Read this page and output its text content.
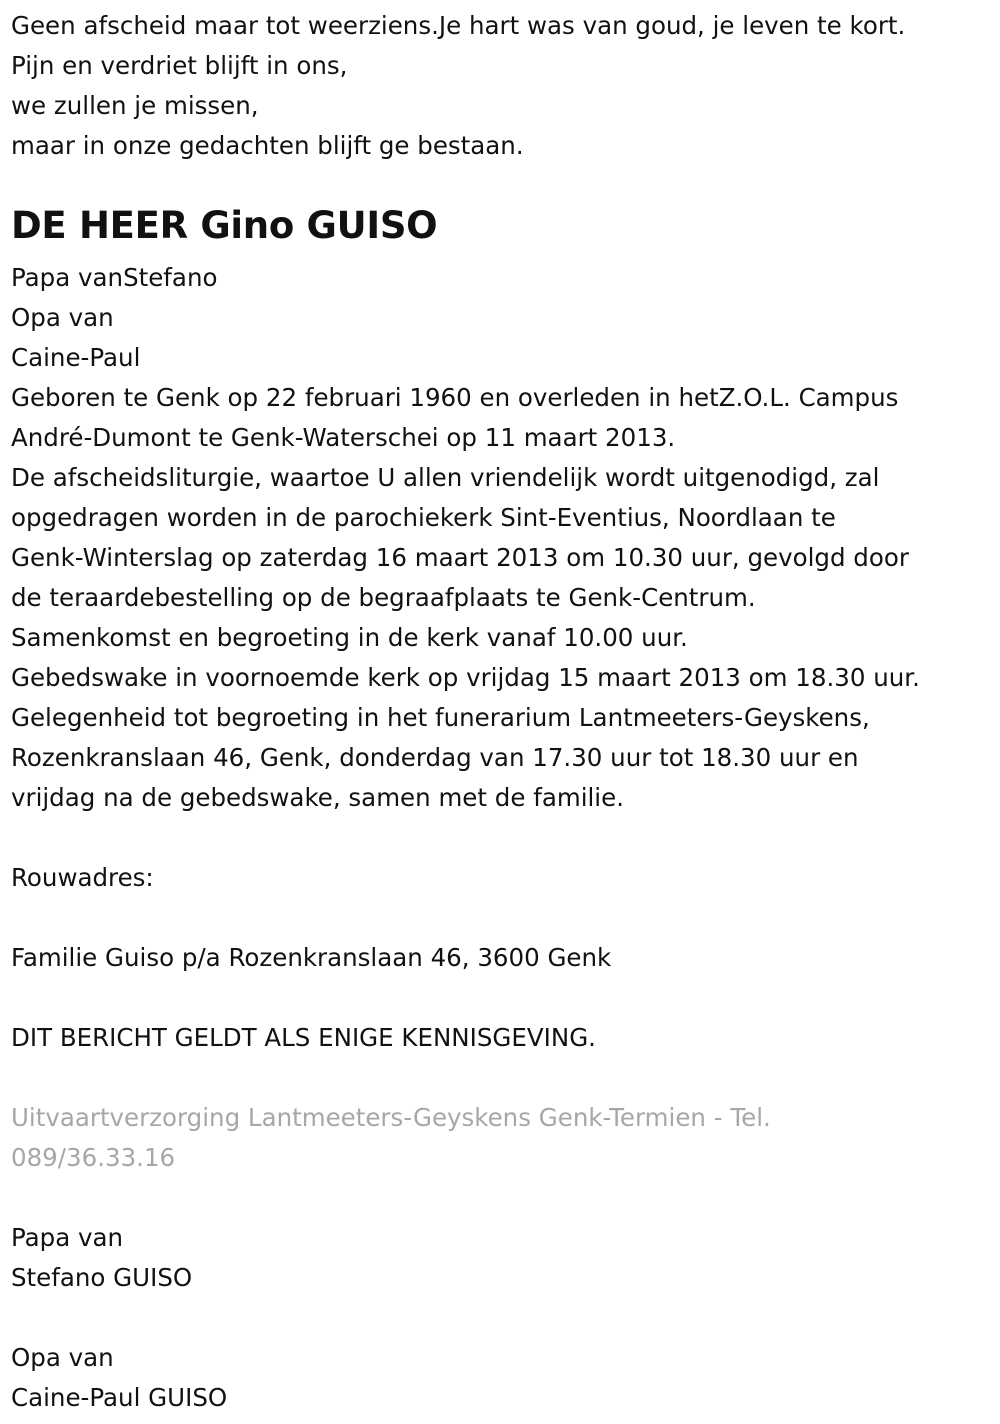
Geen afscheid maar tot weerziens.Je hart was van goud, je leven te kort.
Pijn en verdriet blijft in ons,
we zullen je missen,
maar in onze gedachten blijft ge bestaan.
DE HEER Gino GUISO
Papa vanStefano
Opa van
Caine-Paul
Geboren te Genk op 22 februari 1960 en overleden in hetZ.O.L. Campus
André-Dumont te Genk-Waterschei op 11 maart 2013.
De afscheidsliturgie, waartoe U allen vriendelijk wordt uitgenodigd, zal
opgedragen worden in de parochiekerk Sint-Eventius, Noordlaan te
Genk-Winterslag op zaterdag 16 maart 2013 om 10.30 uur, gevolgd door
de teraardebestelling op de begraafplaats te Genk-Centrum.
Samenkomst en begroeting in de kerk vanaf 10.00 uur.
Gebedswake in voornoemde kerk op vrijdag 15 maart 2013 om 18.30 uur.
Gelegenheid tot begroeting in het funerarium Lantmeeters-Geyskens,
Rozenkranslaan 46, Genk, donderdag van 17.30 uur tot 18.30 uur en
vrijdag na de gebedswake, samen met de familie.
Rouwadres:
Familie Guiso p/a Rozenkranslaan 46, 3600 Genk
DIT BERICHT GELDT ALS ENIGE KENNISGEVING.
Uitvaartverzorging Lantmeeters-Geyskens Genk-Termien - Tel.
089/36.33.16
Papa van
Stefano GUISO
Opa van
Caine-Paul GUISO
